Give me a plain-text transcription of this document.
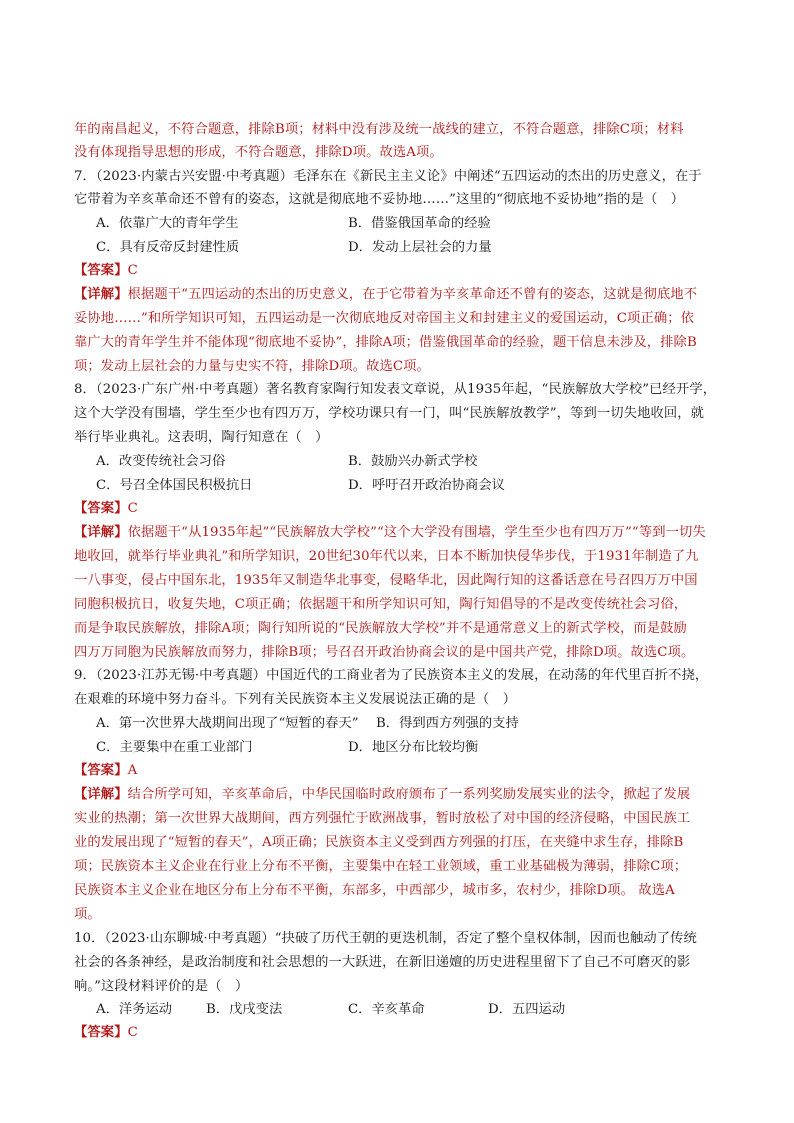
年的南昌起义，不符合题意，排除B项；材料中没有涉及统一战线的建立，不符合题意，排除C项；材料
没有体现指导思想的形成，不符合题意，排除D项。故选A项。
7．（2023·内蒙古兴安盟·中考真题）毛泽东在《新民主主义论》中阐述“五四运动的杰出的历史意义，在于
它带着为辛亥革命还不曾有的姿态，这就是彻底地不妥协地……”这里的“彻底地不妥协地”指的是（　）
A．依靠广大的青年学生	B．借鉴俄国革命的经验
C．具有反帝反封建性质	D．发动上层社会的力量
【答案】C
【详解】根据题干“五四运动的杰出的历史意义，在于它带着为辛亥革命还不曾有的姿态，这就是彻底地不
妥协地……”和所学知识可知，五四运动是一次彻底地反对帝国主义和封建主义的爱国运动，C项正确；依
靠广大的青年学生并不能体现“彻底地不妥协”，排除A项；借鉴俄国革命的经验，题干信息未涉及，排除B
项；发动上层社会的力量与史实不符，排除D项。故选C项。
8．（2023·广东广州·中考真题）著名教育家陶行知发表文章说，从1935年起，“民族解放大学校”已经开学，
这个大学没有围墙，学生至少也有四万万，学校功课只有一门，叫“民族解放教学”，等到一切失地收回，就
举行毕业典礼。这表明，陶行知意在（　）
A．改变传统社会习俗	B．鼓励兴办新式学校
C．号召全体国民积极抗日	D．呼吁召开政治协商会议
【答案】C
【详解】依据题干“从1935年起”“民族解放大学校”“这个大学没有围墙，学生至少也有四万万”“等到一切失
地收回，就举行毕业典礼”和所学知识，20世纪30年代以来，日本不断加快侵华步伐，于1931年制造了九
一八事变，侵占中国东北，1935年又制造华北事变，侵略华北，因此陶行知的这番话意在号召四万万中国
同胞积极抗日，收复失地，C项正确；依据题干和所学知识可知，陶行知倡导的不是改变传统社会习俗，
而是争取民族解放，排除A项；陶行知所说的“民族解放大学校”并不是通常意义上的新式学校，而是鼓励
四万万同胞为民族解放而努力，排除B项；号召召开政治协商会议的是中国共产党，排除D项。故选C项。
9．（2023·江苏无锡·中考真题）中国近代的工商业者为了民族资本主义的发展，在动荡的年代里百折不挠，
在艰难的环境中努力奋斗。下列有关民族资本主义发展说法正确的是（　）
A．第一次世界大战期间出现了“短暂的春天” B．得到西方列强的支持
C．主要集中在重工业部门	D．地区分布比较均衡
【答案】A
【详解】结合所学可知，辛亥革命后，中华民国临时政府颁布了一系列奖励发展实业的法令，掀起了发展
实业的热潮；第一次世界大战期间，西方列强忙于欧洲战事，暂时放松了对中国的经济侵略，中国民族工
业的发展出现了“短暂的春天”，A项正确；民族资本主义受到西方列强的打压，在夹缝中求生存，排除B
项；民族资本主义企业在行业上分布不平衡，主要集中在轻工业领域，重工业基础极为薄弱，排除C项；
民族资本主义企业在地区分布上分布不平衡，东部多，中西部少，城市多，农村少，排除D项。 故选A
项。
10．（2023·山东聊城·中考真题）“抉破了历代王朝的更迭机制，否定了整个皇权体制，因而也触动了传统
社会的各条神经，是政治制度和社会思想的一大跃进，在新旧递嬗的历史进程里留下了自己不可磨灭的影
响。”这段材料评价的是（　）
A．洋务运动	B．戊戌变法	C．辛亥革命	D．五四运动
【答案】C
